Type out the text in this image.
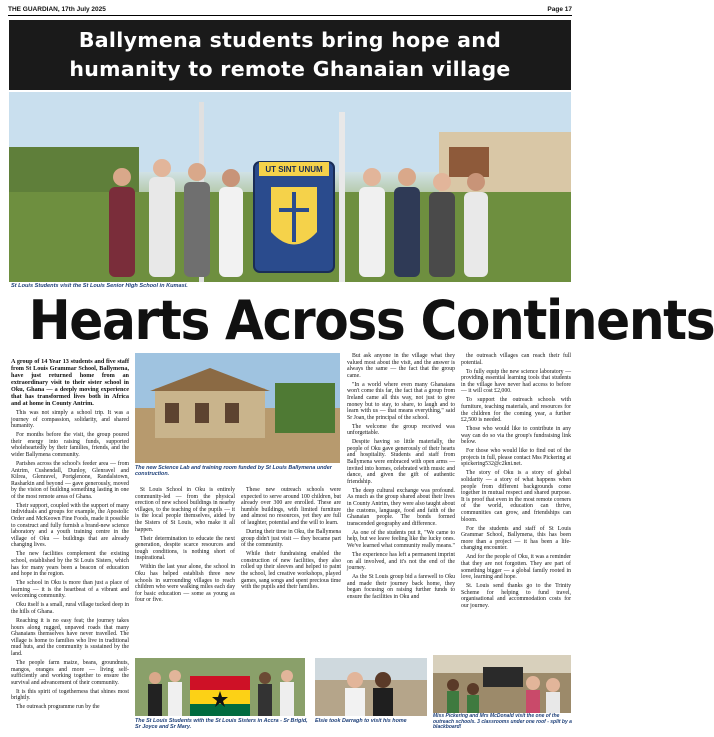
THE GUARDIAN, 17th July 2025	Page 17
Ballymena students bring hope and
humanity to remote Ghanaian village
UT SINT UNUM
St Louis Students visit the St Louis Senior High School in Kumasi.
Hearts Across Continents

A group of 14 Year 13 students and five staff from St Louis Grammar School, Ballymena, have just returned home from an extraordinary visit to their sister school in Oku, Ghana — a deeply moving experience that has transformed lives both in Africa and at home in County Antrim.

This was not simply a school trip. It was a journey of compassion, solidarity, and shared humanity.

For months before the visit, the group poured their energy into raising funds, supported wholeheartedly by their families, friends, and the wider Ballymena community.

Parishes across the school's feeder area — from Antrim, Cushendall, Dunloy, Glenravel and Kilrea, Glenravel, Portglenone, Randalstown, Rasharkin and beyond — gave generously, moved by the vision of building something lasting in one of the most remote areas of Ghana.

Their support, coupled with the support of many individuals and groups for example, the Apostolic Order and McKeown Fine Foods, made it possible to construct and fully furnish a brand-new science laboratory and a youth training centre in the village of Oku — buildings that are already changing lives.

The new facilities complement the existing school, established by the St Louis Sisters, which has for many years been a beacon of education and hope in the region.

The school in Oku is more than just a place of learning — it is the heartbeat of a vibrant and welcoming community.

Oku itself is a small, rural village tucked deep in the hills of Ghana.

Reaching it is no easy feat; the journey takes hours along rugged, unpaved roads that many Ghanaians themselves have never travelled. The village is home to families who live in traditional mud huts, and the community is sustained by the land.

The people farm maize, beans, groundnuts, mangos, oranges and more — living self-sufficiently and working together to ensure the survival and advancement of their community.

It is this spirit of togetherness that shines most brightly.

The outreach programme run by the

The new Science Lab and training room funded by St Louis Ballymena under construction.

St Louis School in Oku is entirely community-led — from the physical erection of new school buildings in nearby villages, to the teaching of the pupils — it is the local people themselves, aided by the Sisters of St Louis, who make it all happen.

Their determination to educate the next generation, despite scarce resources and tough conditions, is nothing short of inspirational.

Within the last year alone, the school in Oku has helped establish three new schools in surrounding villages to reach children who were walking miles each day for basic education — some as young as four or five.

These new outreach schools were expected to serve around 100 children, but already over 300 are enrolled. These are humble buildings, with limited furniture and almost no resources, yet they are full of laughter, potential and the will to learn.

During their time in Oku, the Ballymena group didn't just visit — they became part of the community.

While their fundraising enabled the construction of new facilities, they also rolled up their sleeves and helped to paint the school, led creative workshops, played games, sang songs and spent precious time with the pupils and their families.

But ask anyone in the village what they valued most about the visit, and the answer is always the same — the fact that the group came.

"In a world where even many Ghanaians won't come this far, the fact that a group from Ireland came all this way, not just to give money but to stay, to share, to laugh and to learn with us — that means everything," said Sr Joan, the principal of the school.

The welcome the group received was unforgettable.

Despite having so little materially, the people of Oku gave generously of their hearts and hospitality. Students and staff from Ballymena were embraced with open arms — invited into homes, celebrated with music and dance, and given the gift of authentic friendship.

The deep cultural exchange was profound. As much as the group shared about their lives in County Antrim, they were also taught about the customs, language, food and faith of the Ghanaian people. The bonds formed transcended geography and difference.

As one of the students put it, "We came to help, but we leave feeling like the lucky ones. We've learned what community really means."

The experience has left a permanent imprint on all involved, and it's not the end of the journey.

As the St Louis group bid a farewell to Oku and made their journey back home, they began focusing on raising further funds to ensure the facilities in Oku and

the outreach villages can reach their full potential.

To fully equip the new science laboratory — providing essential learning tools that students in the village have never had access to before — it will cost £2,000.

To support the outreach schools with furniture, teaching materials, and resources for the children for the coming year, a further £2,500 is needed.

Those who would like to contribute in any way can do so via the group's fundraising link below.

For those who would like to find out of the projects in full, please contact Mss Pickering at spickering532@c2kni.net.

The story of Oku is a story of global solidarity — a story of what happens when people from different backgrounds come together in mutual respect and shared purpose. It is proof that even in the most remote corners of the world, education can thrive, communities can grow, and friendships can bloom.

For the students and staff of St Louis Grammar School, Ballymena, this has been more than a project — it has been a life-changing encounter.

And for the people of Oku, it was a reminder that they are not forgotten. They are part of something bigger — a global family rooted in love, learning and hope.

St. Louis send thanks go to the Trinity Scheme for helping to fund travel, organisational and accommodation costs for our journey.

The St Louis Students with the St Louis Sisters in Accra - Sr Brigid, Sr Joyce and Sr Mary.
Elsie took Darragh to visit his home
Miss Pickering and Mrs McDonald visit the one of the outreach schools. 3 classrooms under one roof - split by a blackboard!
